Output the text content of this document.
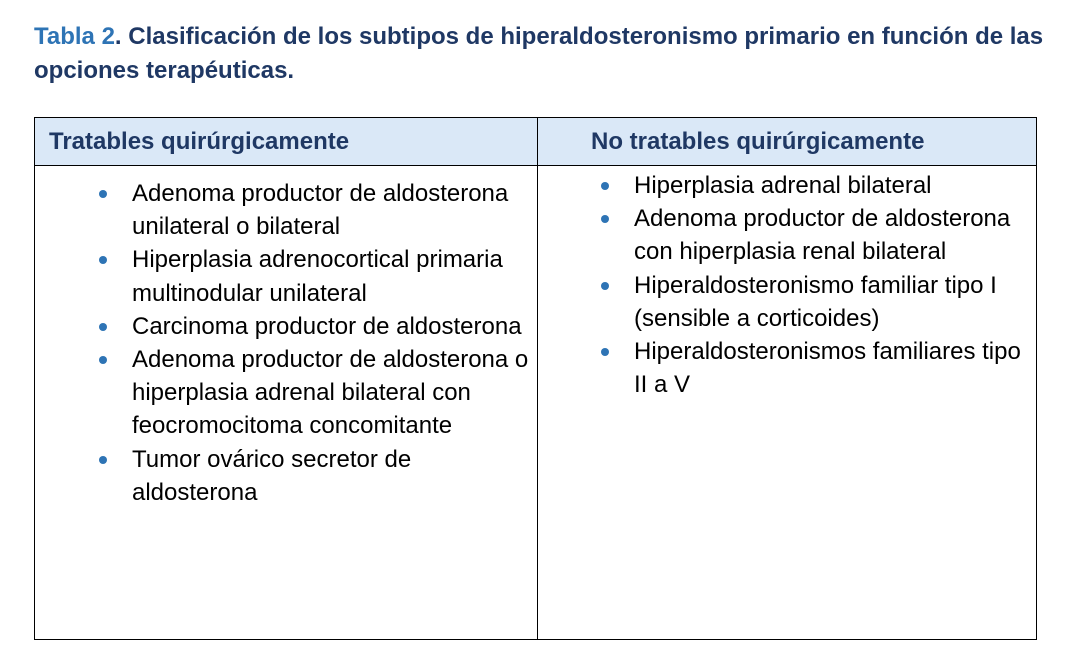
Tabla 2. Clasificación de los subtipos de hiperaldosteronismo primario en función de las opciones terapéuticas.
Tratables quirúrgicamente	No tratables quirúrgicamente
Adenoma productor de aldosterona unilateral o bilateral
Hiperplasia adrenocortical primaria multinodular unilateral
Carcinoma productor de aldosterona
Adenoma productor de aldosterona o hiperplasia adrenal bilateral con feocromocitoma concomitante
Tumor ovárico secretor de aldosterona
Hiperplasia adrenal bilateral
Adenoma productor de aldosterona con hiperplasia renal bilateral
Hiperaldosteronismo familiar tipo I (sensible a corticoides)
Hiperaldosteronismos familiares tipo II a V
